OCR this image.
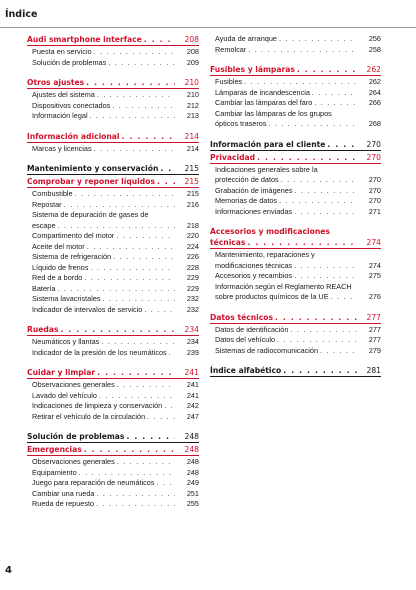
Índice
Audi smartphone interface . . .	208
Puesta en servicio . . .	208
Solución de problemas . . .	209
Otros ajustes . . .	210
Ajustes del sistema . . .	210
Dispositivos conectados . . .	212
Información legal . . .	213
Información adicional . . .	214
Marcas y licencias . . .	214
Mantenimiento y conservación . . .	215
Comprobar y reponer líquidos . . .	215
Combustible . . .	215
Repostar . . .	216
Sistema de depuración de gases de
escape . . .	218
Compartimento del motor . . .	220
Aceite del motor . . .	224
Sistema de refrigeración . . .	226
Líquido de frenos . . .	228
Red de a bordo . . .	229
Batería . . .	229
Sistema lavacristales . . .	232
Indicador de intervalos de servicio . . .	232
Ruedas . . .	234
Neumáticos y llantas . . .	234
Indicador de la presión de los neumáticos . . .	239
Cuidar y limpiar . . .	241
Observaciones generales . . .	241
Lavado del vehículo . . .	241
Indicaciones de limpieza y conservación . . .	242
Retirar el vehículo de la circulación . . .	247
Solución de problemas . . .	248
Emergencias . . .	248
Observaciones generales . . .	248
Equipamiento . . .	248
Juego para reparación de neumáticos . . .	249
Cambiar una rueda . . .	251
Rueda de repuesto . . .	255
Ayuda de arranque . . .	256
Remolcar . . .	258
Fusibles y lámparas . . .	262
Fusibles . . .	262
Lámparas de incandescencia . . .	264
Cambiar las lámparas del faro . . .	266
Cambiar las lámparas de los grupos
ópticos traseros . . .	268
Información para el cliente . . .	270
Privacidad . . .	270
Indicaciones generales sobre la
protección de datos . . .	270
Grabación de imágenes . . .	270
Memorias de datos . . .	270
Informaciones enviadas . . .	271
Accesorios y modificaciones
técnicas . . .	274
Mantenimiento, reparaciones y
modificaciones técnicas . . .	274
Accesorios y recambios . . .	275
Información según el Reglamento REACH
sobre productos químicos de la UE . . .	276
Datos técnicos . . .	277
Datos de identificación . . .	277
Datos del vehículo . . .	277
Sistemas de radiocomunicación . . .	279
Índice alfabético . . .	281
4
